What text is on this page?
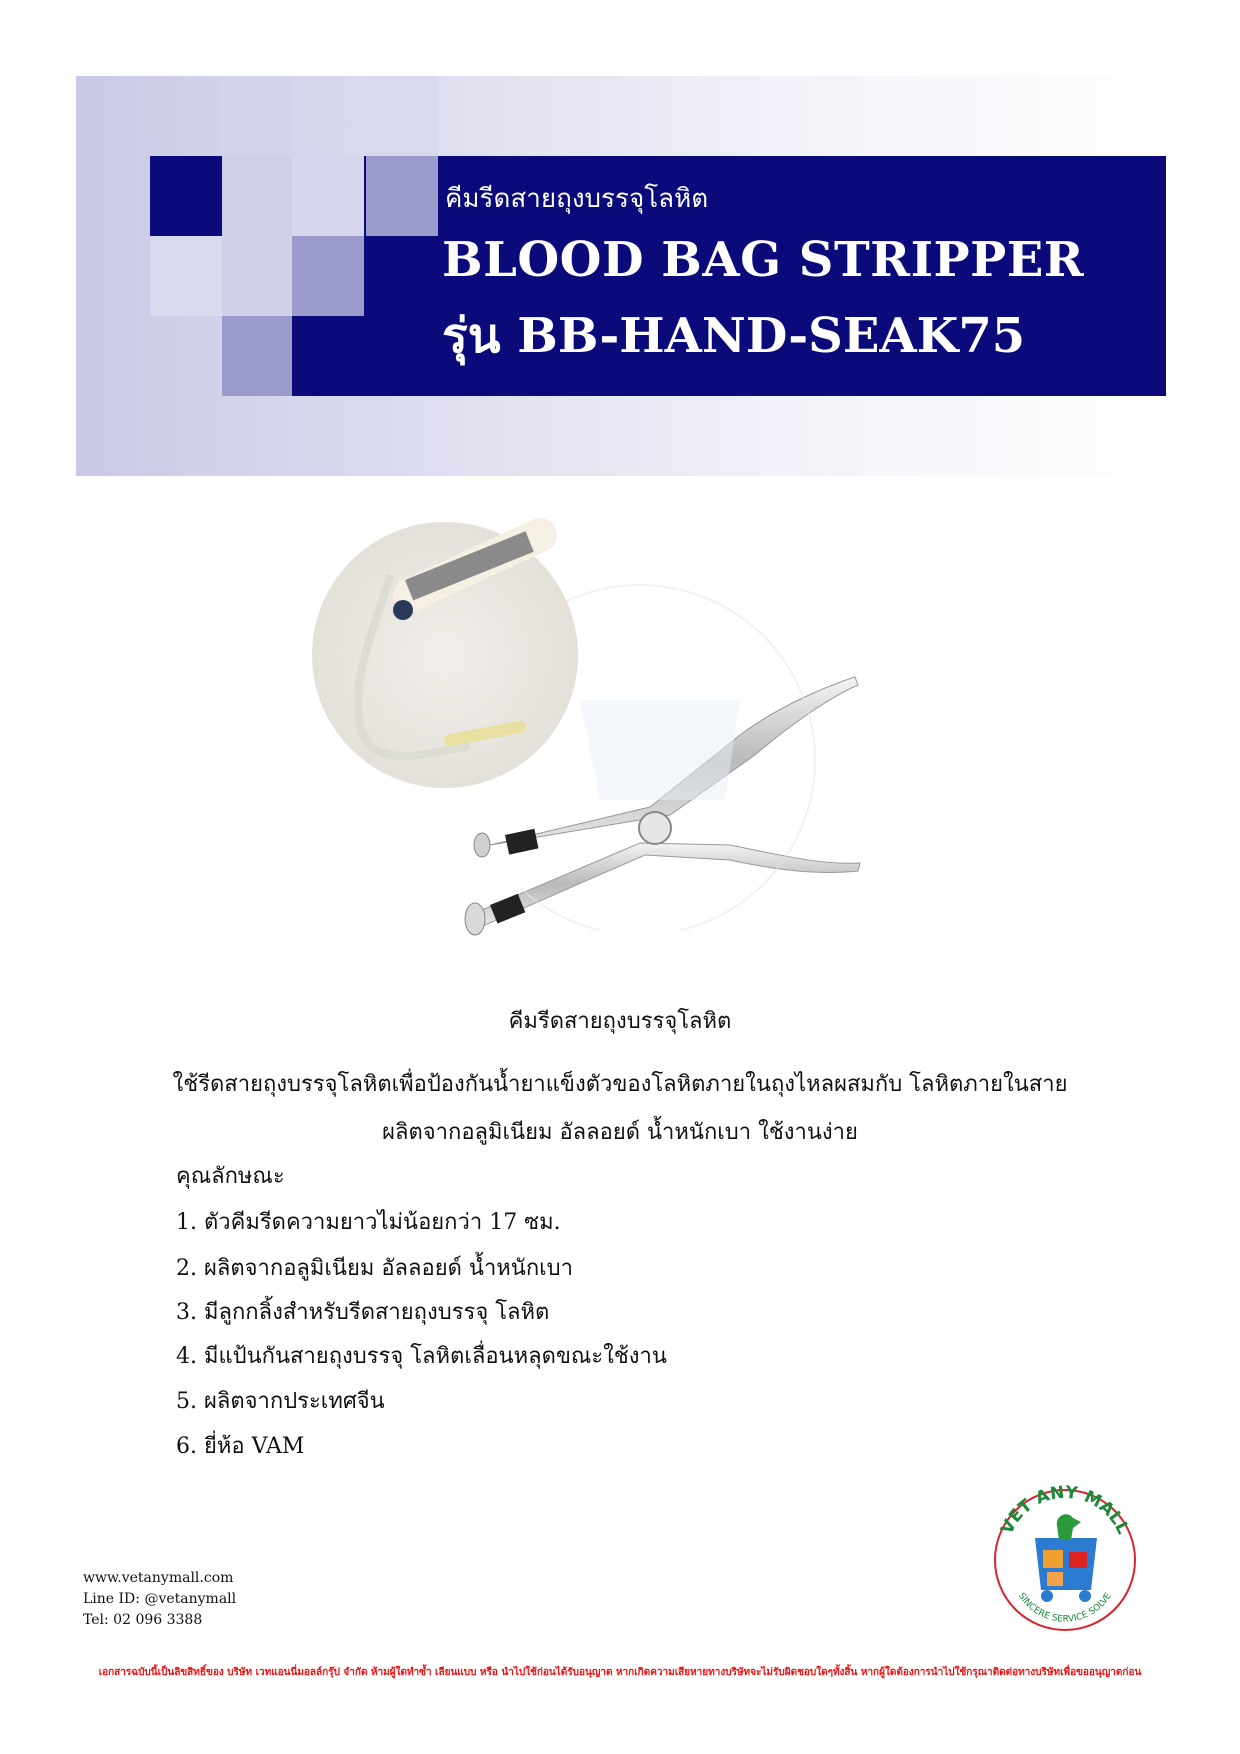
คีมรีดสายถุงบรรจุโลหิต
BLOOD BAG STRIPPER
รุ่น BB-HAND-SEAK75
คีมรีดสายถุงบรรจุโลหิต
ใช้รีดสายถุงบรรจุโลหิตเพื่อป้องกันน้ำยาแข็งตัวของโลหิตภายในถุงไหลผสมกับ โลหิตภายในสาย
ผลิตจากอลูมิเนียม อัลลอยด์ น้ำหนักเบา ใช้งานง่าย
คุณลักษณะ
1. ตัวคีมรีดความยาวไม่น้อยกว่า 17 ซม.
2. ผลิตจากอลูมิเนียม อัลลอยด์ น้ำหนักเบา
3. มีลูกกลิ้งสำหรับรีดสายถุงบรรจุ โลหิต
4. มีแป้นกันสายถุงบรรจุ โลหิตเลื่อนหลุดขณะใช้งาน
5. ผลิตจากประเทศจีน
6. ยี่ห้อ VAM
www.vetanymall.com
Line ID: @vetanymall
Tel: 02 096 3388
VET ANY MALL
SINCERE SERVICE SOLVE
เอกสารฉบับนี้เป็นลิขสิทธิ์ของ บริษัท เวทแอนนี่มอลล์กรุ๊ป จำกัด ห้ามผู้ใดทำซ้ำ เลียนแบบ หรือ นำไปใช้ก่อนได้รับอนุญาต หากเกิดความเสียหายทางบริษัทจะไม่รับผิดชอบใดๆทั้งสิ้น หากผู้ใดต้องการนำไปใช้กรุณาติดต่อทางบริษัทเพื่อขออนุญาตก่อน
